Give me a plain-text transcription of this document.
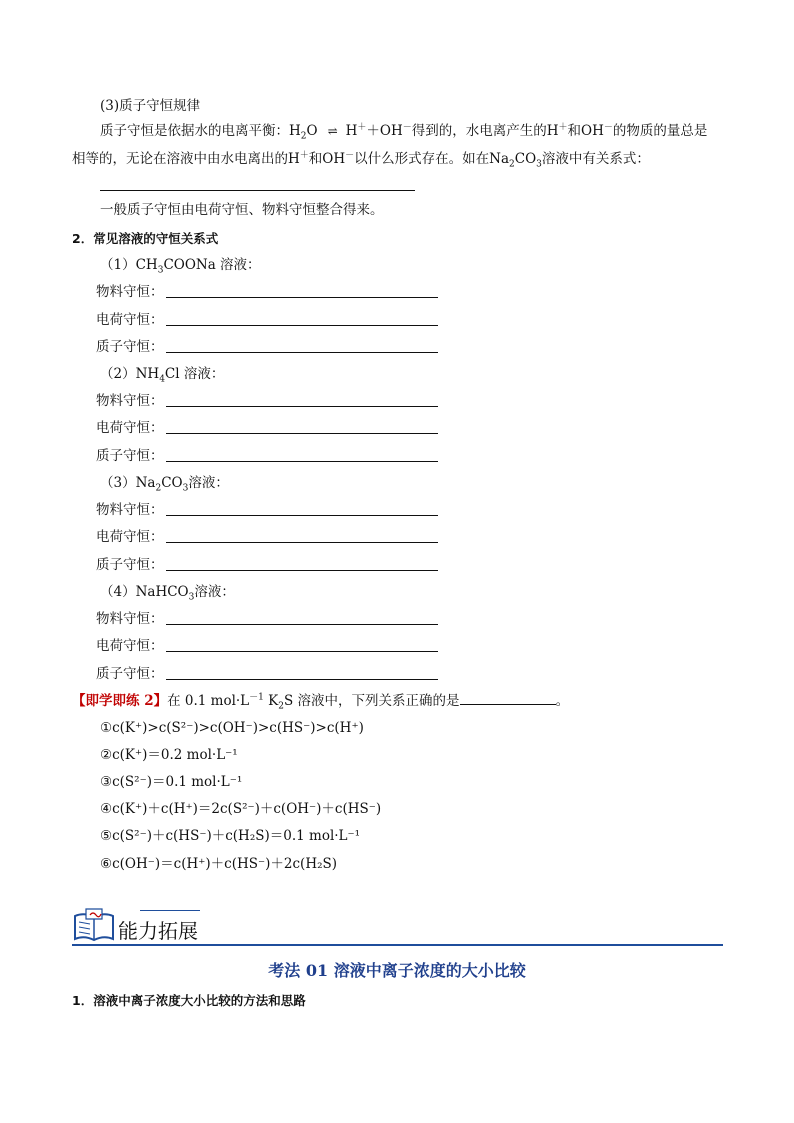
(3)质子守恒规律
质子守恒是依据水的电离平衡：$H_2O$ ⇌ H＋＋OH－得到的，水电离产生的H＋和OH－的物质的量总是
相等的，无论在溶液中由水电离出的H＋和OH－以什么形式存在。如在$Na_2CO_3$溶液中有关系式：
一般质子守恒由电荷守恒、物料守恒整合得来。
2．常见溶液的守恒关系式
$(1)CH_3COONa$ 溶液：
物料守恒：
电荷守恒：
质子守恒：
$(2)NH_4Cl$ 溶液：
物料守恒：
电荷守恒：
质子守恒：
$(3)Na_2CO_3$溶液：
物料守恒：
电荷守恒：
质子守恒：
（4）NaHCO$_3$溶液：
物料守恒：
电荷守恒：
质子守恒：
【即学即练 2】在 0.1 $mol\cdot L^{-1}$ $K_2S$ 溶液中，下列关系正确的是	。
①c(K⁺)>c(S²⁻)>c(OH⁻)>c(HS⁻)>c(H⁺)
②c(K⁺)＝0.2 mol·L⁻¹
③c(S²⁻)＝0.1 mol·L⁻¹
④c(K⁺)＋c(H⁺)＝2c(S²⁻)＋c(OH⁻)＋c(HS⁻)
⑤c(S²⁻)＋c(HS⁻)＋c(H₂S)＝0.1 mol·L⁻¹
⑥c(OH⁻)＝c(H⁺)＋c(HS⁻)＋2c(H₂S)
能力拓展
考法 01 溶液中离子浓度的大小比较
1．溶液中离子浓度大小比较的方法和思路
